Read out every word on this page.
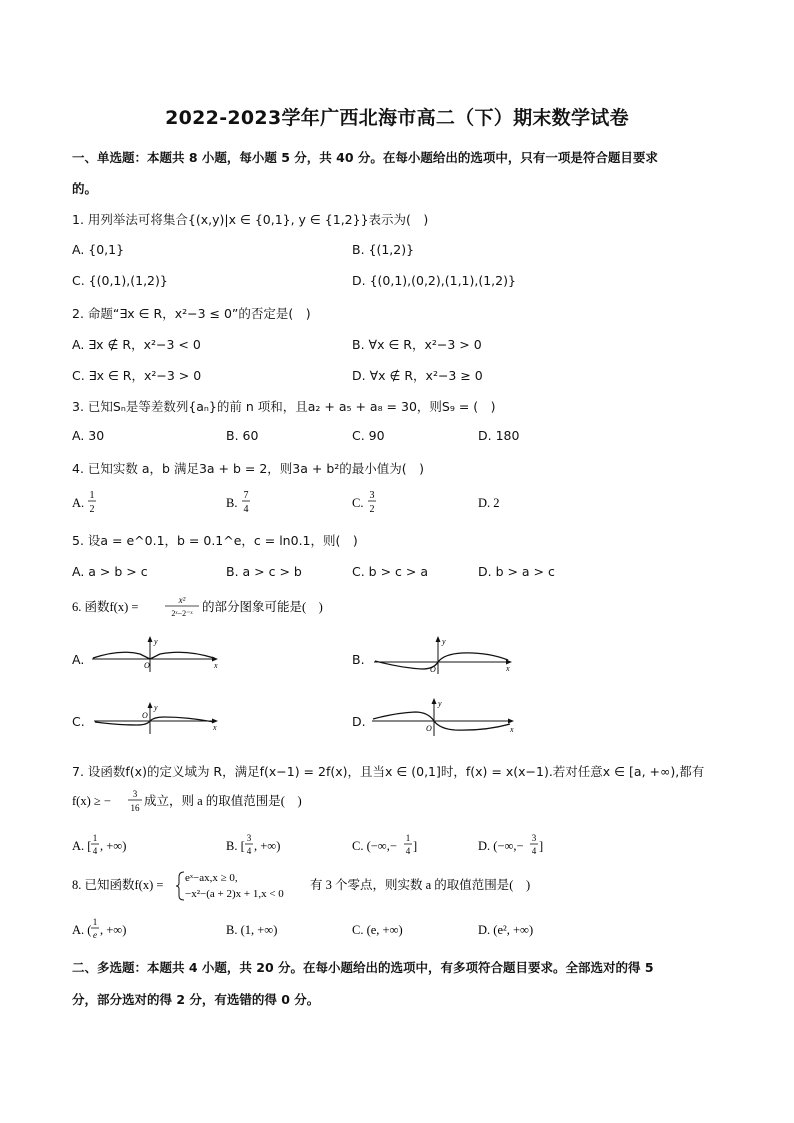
2022-2023学年广西北海市高二（下）期末数学试卷
一、单选题：本题共 8 小题，每小题 5 分，共 40 分。在每小题给出的选项中，只有一项是符合题目要求
的。
1. 用列举法可将集合{(x,y)|x ∈ {0,1}, y ∈ {1,2}}表示为(　)
A. {0,1}	B. {(1,2)}
C. {(0,1),(1,2)}	D. {(0,1),(0,2),(1,1),(1,2)}
2. 命题“∃x ∈ R，x²−3 ≤ 0”的否定是(　)
A. ∃x ∉ R，x²−3 < 0	B. ∀x ∈ R，x²−3 > 0
C. ∃x ∈ R，x²−3 > 0	D. ∀x ∉ R，x²−3 ≥ 0
3. 已知Sₙ是等差数列{aₙ}的前 n 项和，且a₂ + a₅ + a₈ = 30，则S₉ = (　)
A. 30	B. 60	C. 90	D. 180
4. 已知实数 a，b 满足3a + b = 2，则3a + b²的最小值为(　)
A.
1
2	B.
7
4	C.
3
2	D. 2
5. 设a = e^0.1，b = 0.1^e，c = ln0.1，则(　)
A. a > b > c	B. a > c > b	C. b > c > a	D. b > a > c
6. 函数f(x) =	x²
2ˣ−2⁻ˣ 的部分图象可能是(　)
A.
y
O	x	B.
y
O	x
C.
y
O
x	D.
y
O	x
7. 设函数f(x)的定义域为 R，满足f(x−1) = 2f(x)，且当x ∈ (0,1]时，f(x) = x(x−1).若对任意x ∈ [a, +∞),都有
f(x) ≥ − 3
16 成立，则 a 的取值范围是(　)
A. [
1
4 , +∞)	B. [
3
4 , +∞)	C. (−∞,−
1
4 ]	D. (−∞,−
3
4 ]
8. 已知函数f(x) = eˣ−ax,x ≥ 0,
−x²−(a + 2)x + 1,x < 0
有 3 个零点，则实数 a 的取值范围是(　)
A. (
1
e , +∞)	B. (1, +∞)	C. (e, +∞)	D. (e², +∞)
二、多选题：本题共 4 小题，共 20 分。在每小题给出的选项中，有多项符合题目要求。全部选对的得 5
分，部分选对的得 2 分，有选错的得 0 分。
